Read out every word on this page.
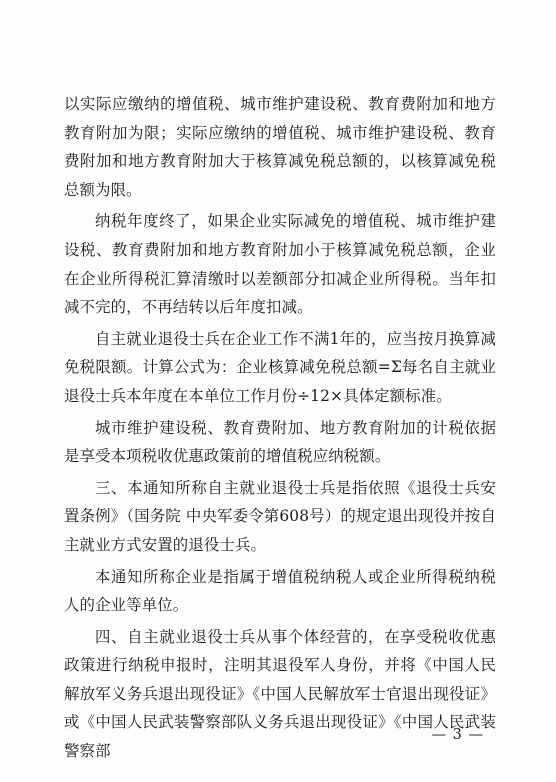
以实际应缴纳的增值税、城市维护建设税、教育费附加和地方教育附加为限；实际应缴纳的增值税、城市维护建设税、教育费附加和地方教育附加大于核算减免税总额的，以核算减免税总额为限。

纳税年度终了，如果企业实际减免的增值税、城市维护建设税、教育费附加和地方教育附加小于核算减免税总额，企业在企业所得税汇算清缴时以差额部分扣减企业所得税。当年扣减不完的，不再结转以后年度扣减。

自主就业退役士兵在企业工作不满1年的，应当按月换算减免税限额。计算公式为：企业核算减免税总额=Σ每名自主就业退役士兵本年度在本单位工作月份÷12×具体定额标准。

城市维护建设税、教育费附加、地方教育附加的计税依据是享受本项税收优惠政策前的增值税应纳税额。

三、本通知所称自主就业退役士兵是指依照《退役士兵安置条例》（国务院 中央军委令第608号）的规定退出现役并按自主就业方式安置的退役士兵。

本通知所称企业是指属于增值税纳税人或企业所得税纳税人的企业等单位。

四、自主就业退役士兵从事个体经营的，在享受税收优惠政策进行纳税申报时，注明其退役军人身份，并将《中国人民解放军义务兵退出现役证》《中国人民解放军士官退出现役证》或《中国人民武装警察部队义务兵退出现役证》《中国人民武装警察部

— 3 —
